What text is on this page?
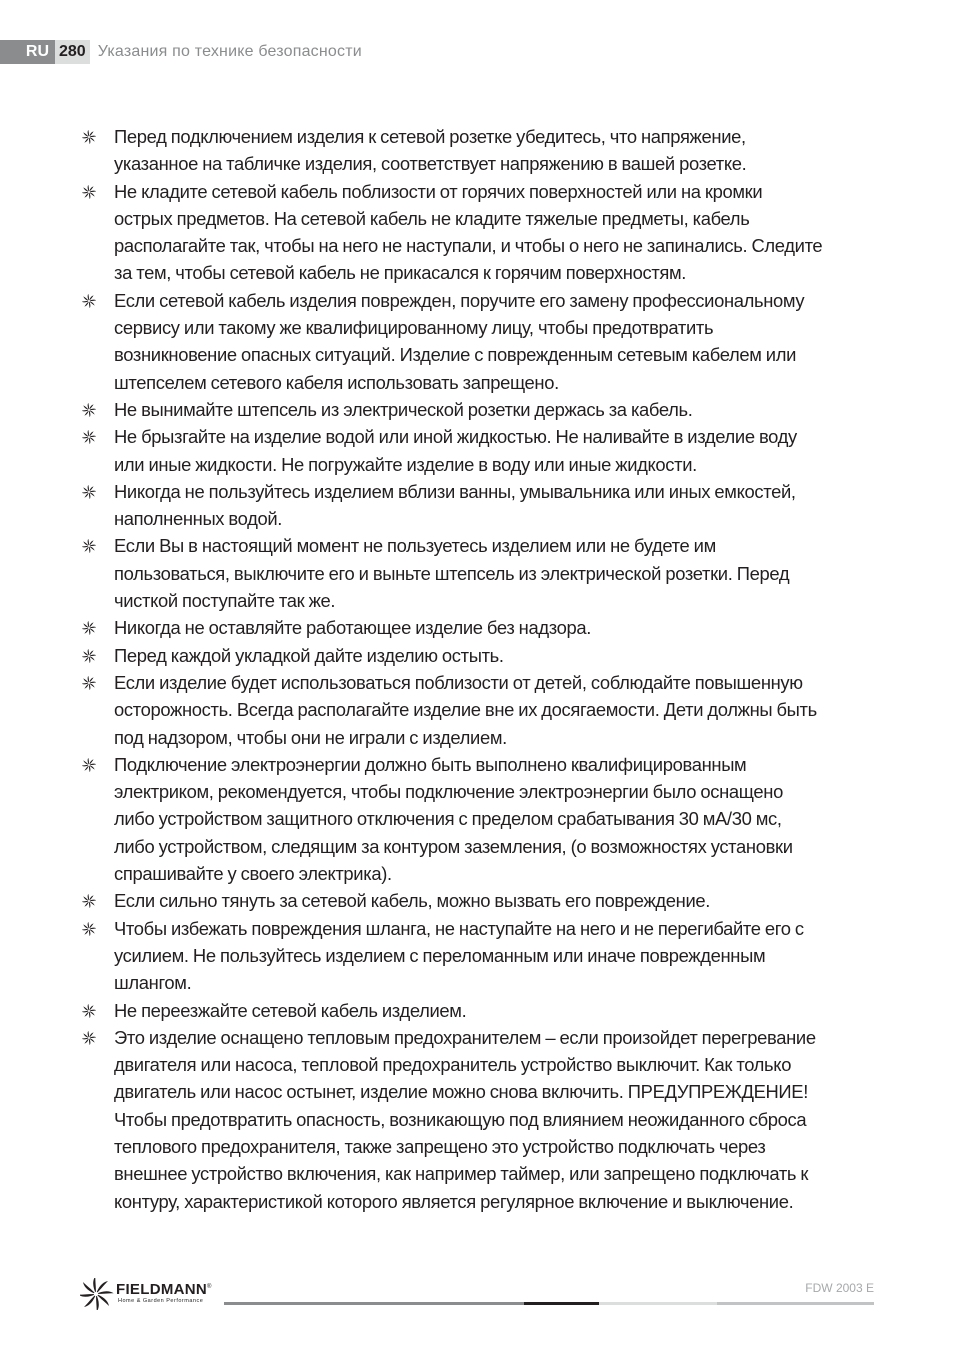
RU 280 Указания по технике безопасности
Перед подключением изделия к сетевой розетке убедитесь, что напряжение,
указанное на табличке изделия, соответствует напряжению в вашей розетке.
Не кладите сетевой кабель поблизости от горячих поверхностей или на кромки
острых предметов. На сетевой кабель не кладите тяжелые предметы, кабель
располагайте так, чтобы на него не наступали, и чтобы о него не запинались. Следите
за тем, чтобы сетевой кабель не прикасался к горячим поверхностям.
Если сетевой кабель изделия поврежден, поручите его замену профессиональному
сервису или такому же квалифицированному лицу, чтобы предотвратить
возникновение опасных ситуаций. Изделие с поврежденным сетевым кабелем или
штепселем сетевого кабеля использовать запрещено.
Не вынимайте штепсель из электрической розетки держась за кабель.
Не брызгайте на изделие водой или иной жидкостью. Не наливайте в изделие воду
или иные жидкости. Не погружайте изделие в воду или иные жидкости.
Никогда не пользуйтесь изделием вблизи ванны, умывальника или иных емкостей,
наполненных водой.
Если Вы в настоящий момент не пользуетесь изделием или не будете им
пользоваться, выключите его и выньте штепсель из электрической розетки. Перед
чисткой поступайте так же.
Никогда не оставляйте работающее изделие без надзора.
Перед каждой укладкой дайте изделию остыть.
Если изделие будет использоваться поблизости от детей, соблюдайте повышенную
осторожность. Всегда располагайте изделие вне их досягаемости. Дети должны быть
под надзором, чтобы они не играли с изделием.
Подключение электроэнергии должно быть выполнено квалифицированным
электриком, рекомендуется, чтобы подключение электроэнергии было оснащено
либо устройством защитного отключения с пределом срабатывания 30 мА/30 мс,
либо устройством, следящим за контуром заземления, (о возможностях установки
спрашивайте у своего электрика).
Если сильно тянуть за сетевой кабель, можно вызвать его повреждение.
Чтобы избежать повреждения шланга, не наступайте на него и не перегибайте его с
усилием. Не пользуйтесь изделием с переломанным или иначе поврежденным
шлангом.
Не переезжайте сетевой кабель изделием.
Это изделие оснащено тепловым предохранителем – если произойдет перегревание
двигателя или насоса, тепловой предохранитель устройство выключит. Как только
двигатель или насос остынет, изделие можно снова включить. ПРЕДУПРЕЖДЕНИЕ!
Чтобы предотвратить опасность, возникающую под влиянием неожиданного сброса
теплового предохранителя, также запрещено это устройство подключать через
внешнее устройство включения, как например таймер, или запрещено подключать к
контуру, характеристикой которого является регулярное включение и выключение.
FIELDMANN®
Home & Garden Performance
FDW 2003 E
